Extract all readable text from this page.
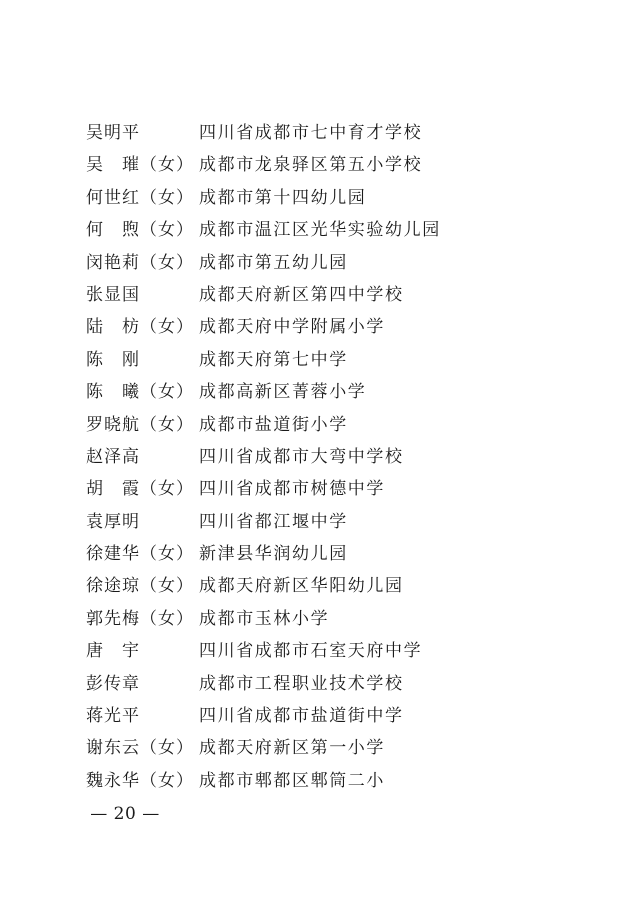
吴明平	四川省成都市七中育才学校
吴　璀（女） 成都市龙泉驿区第五小学校
何世红（女） 成都市第十四幼儿园
何　煦（女） 成都市温江区光华实验幼儿园
闵艳莉（女） 成都市第五幼儿园
张显国	成都天府新区第四中学校
陆　枋（女） 成都天府中学附属小学
陈　刚	成都天府第七中学
陈　曦（女） 成都高新区菁蓉小学
罗晓航（女） 成都市盐道街小学
赵泽高	四川省成都市大弯中学校
胡　霞（女） 四川省成都市树德中学
袁厚明	四川省都江堰中学
徐建华（女） 新津县华润幼儿园
徐途琼（女） 成都天府新区华阳幼儿园
郭先梅（女） 成都市玉林小学
唐　宇	四川省成都市石室天府中学
彭传章	成都市工程职业技术学校
蒋光平	四川省成都市盐道街中学
谢东云（女） 成都天府新区第一小学
魏永华（女） 成都市郫都区郫筒二小
— 20 —
